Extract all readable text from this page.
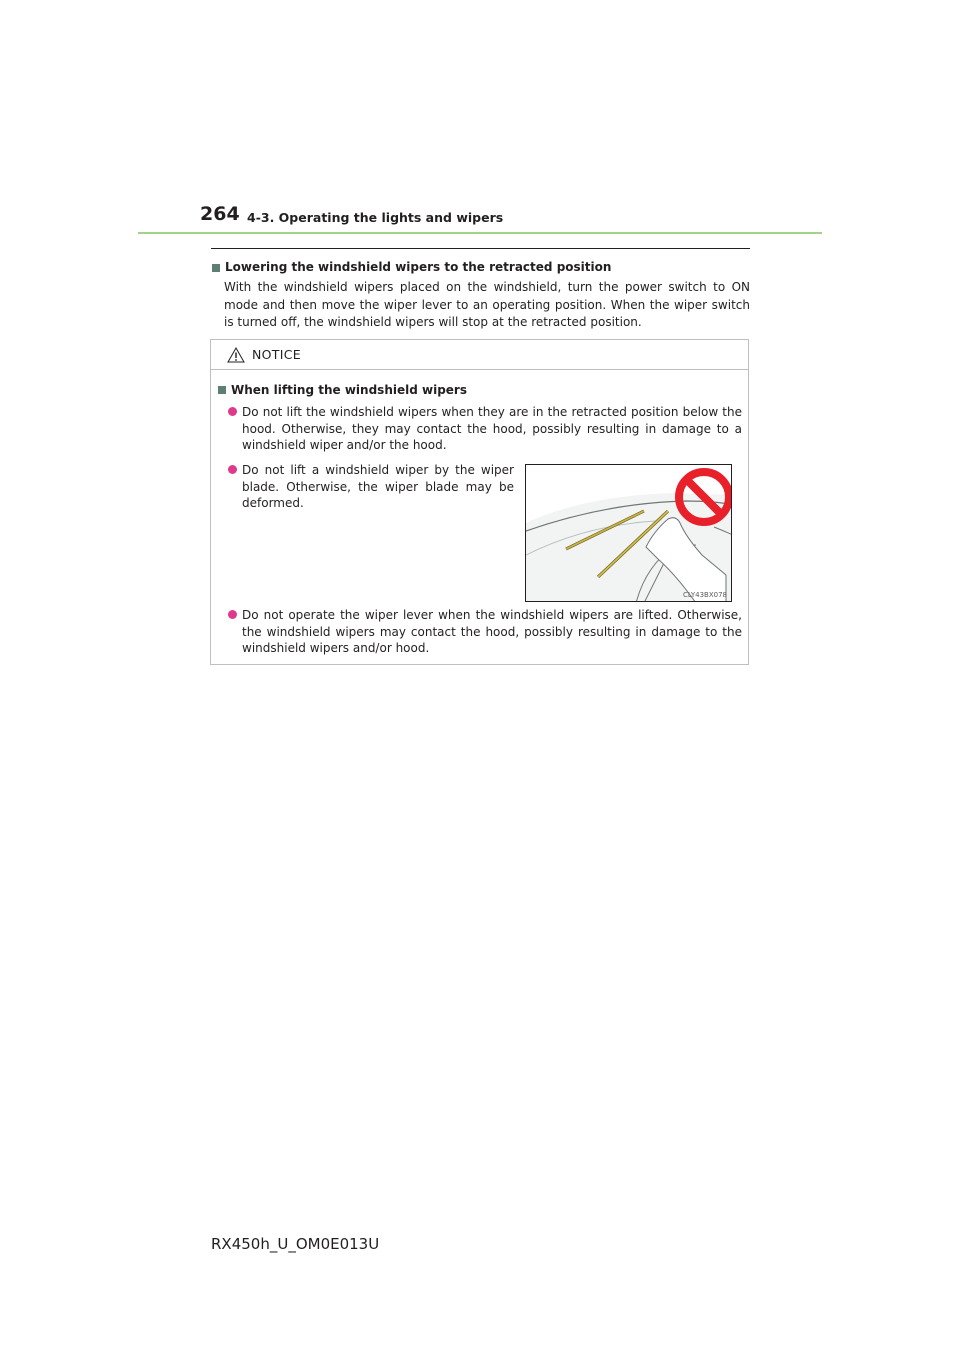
264 4-3. Operating the lights and wipers
Lowering the windshield wipers to the retracted position
With the windshield wipers placed on the windshield, turn the power switch to ON mode and then move the wiper lever to an operating position. When the wiper switch is turned off, the windshield wipers will stop at the retracted position.
NOTICE
When lifting the windshield wipers
Do not lift the windshield wipers when they are in the retracted position below the hood. Otherwise, they may contact the hood, possibly resulting in damage to a windshield wiper and/or the hood.
Do not lift a windshield wiper by the wiper blade. Otherwise, the wiper blade may be deformed.
CLY43BX078
Do not operate the wiper lever when the windshield wipers are lifted. Otherwise, the windshield wipers may contact the hood, possibly resulting in damage to the windshield wipers and/or hood.
RX450h_U_OM0E013U
